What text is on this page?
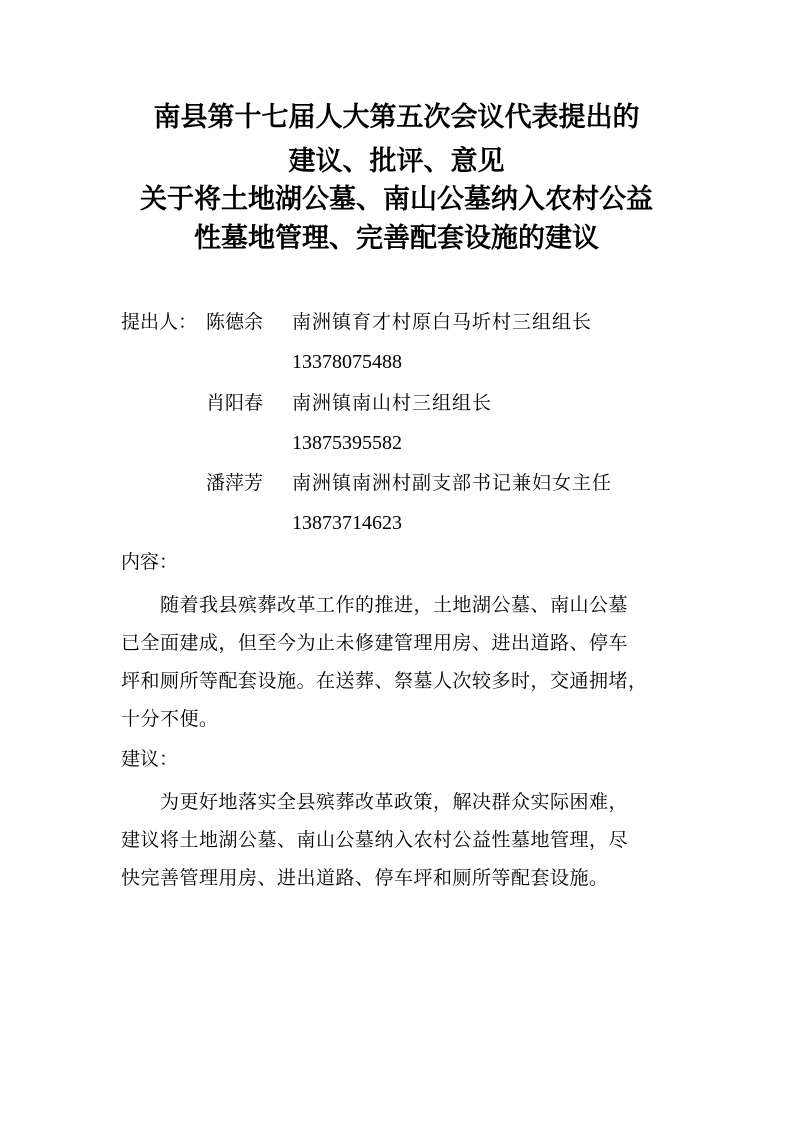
南县第十七届人大第五次会议代表提出的
建议、批评、意见
关于将土地湖公墓、南山公墓纳入农村公益
性墓地管理、完善配套设施的建议
提出人： 陈德余 南洲镇育才村原白马圻村三组组长
13378075488
肖阳春 南洲镇南山村三组组长
13875395582
潘萍芳 南洲镇南洲村副支部书记兼妇女主任
13873714623
内容：
　　随着我县殡葬改革工作的推进，土地湖公墓、南山公墓
已全面建成，但至今为止未修建管理用房、进出道路、停车
坪和厕所等配套设施。在送葬、祭墓人次较多时，交通拥堵，
十分不便。
建议：
　　为更好地落实全县殡葬改革政策，解决群众实际困难，
建议将土地湖公墓、南山公墓纳入农村公益性墓地管理，尽
快完善管理用房、进出道路、停车坪和厕所等配套设施。
